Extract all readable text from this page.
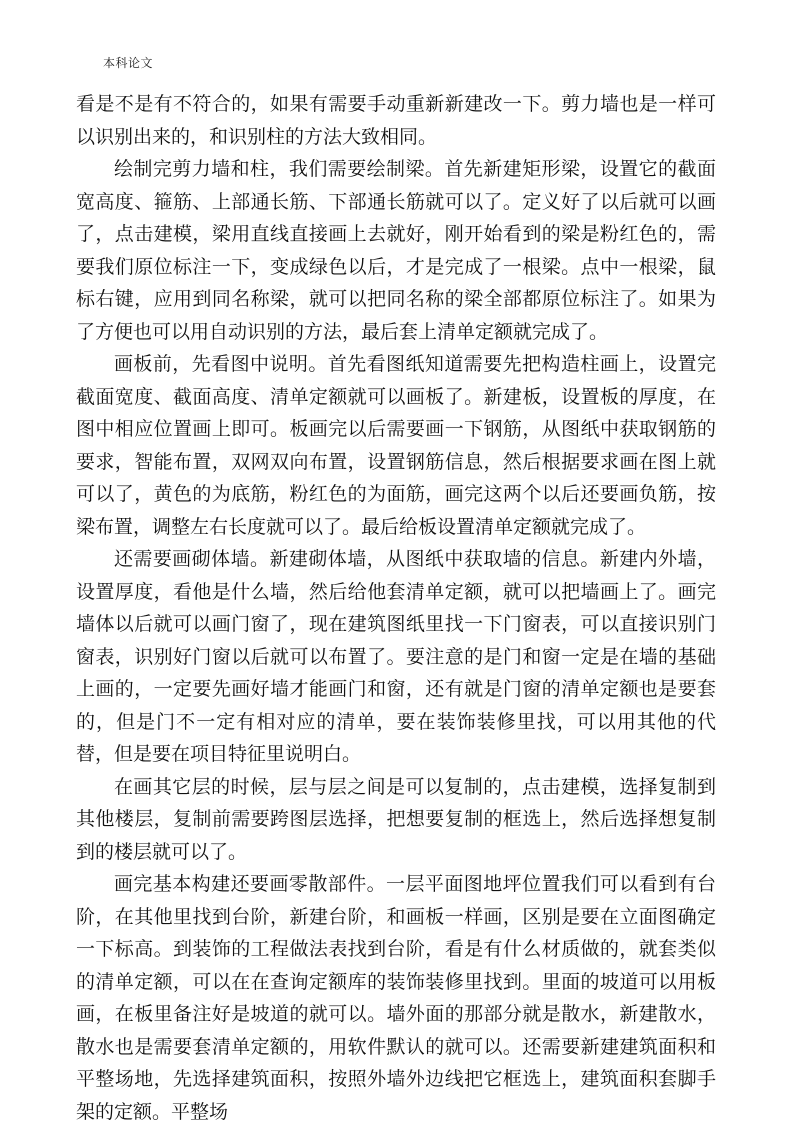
本科论文

看是不是有不符合的，如果有需要手动重新新建改一下。剪力墙也是一样可以识别出来的，和识别柱的方法大致相同。

绘制完剪力墙和柱，我们需要绘制梁。首先新建矩形梁，设置它的截面宽高度、箍筋、上部通长筋、下部通长筋就可以了。定义好了以后就可以画了，点击建模，梁用直线直接画上去就好，刚开始看到的梁是粉红色的，需要我们原位标注一下，变成绿色以后，才是完成了一根梁。点中一根梁，鼠标右键，应用到同名称梁，就可以把同名称的梁全部都原位标注了。如果为了方便也可以用自动识别的方法，最后套上清单定额就完成了。

画板前，先看图中说明。首先看图纸知道需要先把构造柱画上，设置完截面宽度、截面高度、清单定额就可以画板了。新建板，设置板的厚度，在图中相应位置画上即可。板画完以后需要画一下钢筋，从图纸中获取钢筋的要求，智能布置，双网双向布置，设置钢筋信息，然后根据要求画在图上就可以了，黄色的为底筋，粉红色的为面筋，画完这两个以后还要画负筋，按梁布置，调整左右长度就可以了。最后给板设置清单定额就完成了。

还需要画砌体墙。新建砌体墙，从图纸中获取墙的信息。新建内外墙，设置厚度，看他是什么墙，然后给他套清单定额，就可以把墙画上了。画完墙体以后就可以画门窗了，现在建筑图纸里找一下门窗表，可以直接识别门窗表，识别好门窗以后就可以布置了。要注意的是门和窗一定是在墙的基础上画的，一定要先画好墙才能画门和窗，还有就是门窗的清单定额也是要套的，但是门不一定有相对应的清单，要在装饰装修里找，可以用其他的代替，但是要在项目特征里说明白。

在画其它层的时候，层与层之间是可以复制的，点击建模，选择复制到其他楼层，复制前需要跨图层选择，把想要复制的框选上，然后选择想复制到的楼层就可以了。

画完基本构建还要画零散部件。一层平面图地坪位置我们可以看到有台阶，在其他里找到台阶，新建台阶，和画板一样画，区别是要在立面图确定一下标高。到装饰的工程做法表找到台阶，看是有什么材质做的，就套类似的清单定额，可以在在查询定额库的装饰装修里找到。里面的坡道可以用板画，在板里备注好是坡道的就可以。墙外面的那部分就是散水，新建散水，散水也是需要套清单定额的，用软件默认的就可以。还需要新建建筑面积和平整场地，先选择建筑面积，按照外墙外边线把它框选上，建筑面积套脚手架的定额。平整场
